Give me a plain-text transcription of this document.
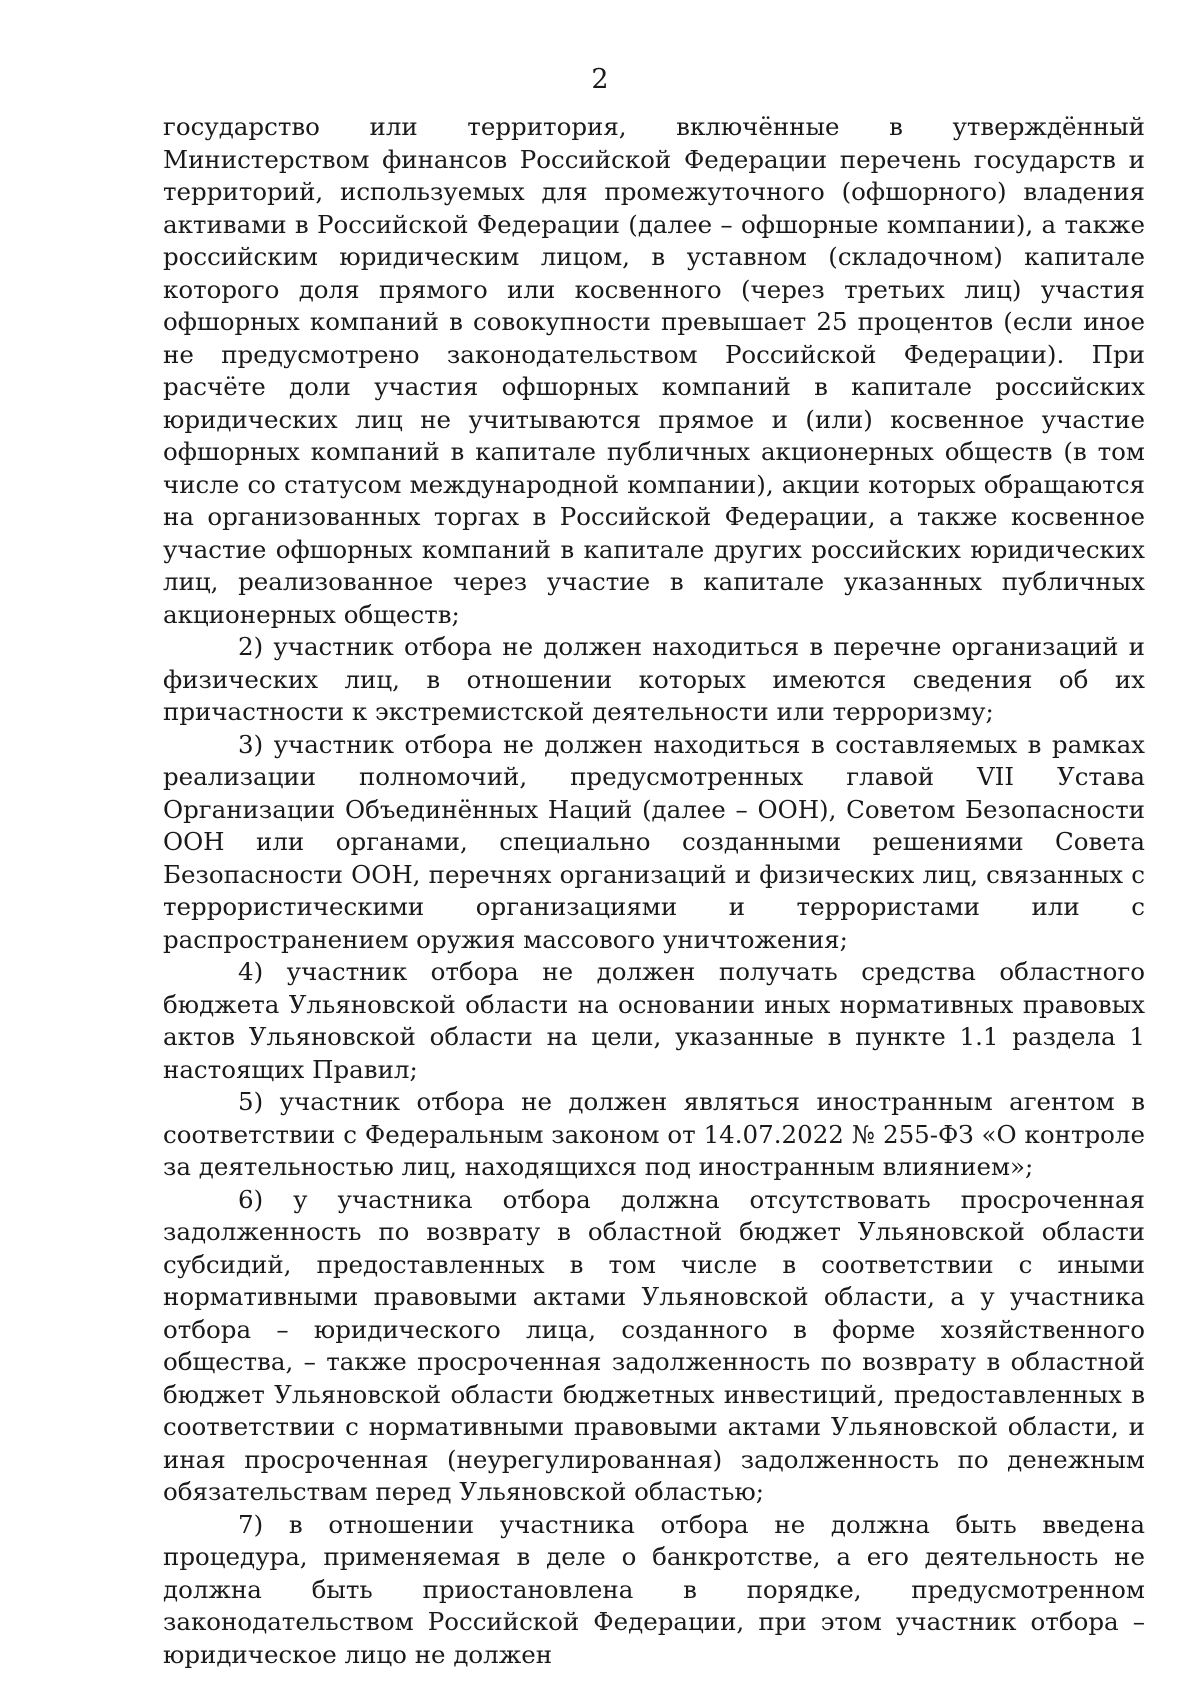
2

государство или территория, включённые в утверждённый Министерством финансов Российской Федерации перечень государств и территорий, используемых для промежуточного (офшорного) владения активами в Российской Федерации (далее – офшорные компании), а также российским юридическим лицом, в уставном (складочном) капитале которого доля прямого или косвенного (через третьих лиц) участия офшорных компаний в совокупности превышает 25 процентов (если иное не предусмотрено законодательством Российской Федерации). При расчёте доли участия офшорных компаний в капитале российских юридических лиц не учитываются прямое и (или) косвенное участие офшорных компаний в капитале публичных акционерных обществ (в том числе со статусом международной компании), акции которых обращаются на организованных торгах в Российской Федерации, а также косвенное участие офшорных компаний в капитале других российских юридических лиц, реализованное через участие в капитале указанных публичных акционерных обществ;

2) участник отбора не должен находиться в перечне организаций и физических лиц, в отношении которых имеются сведения об их причастности к экстремистской деятельности или терроризму;

3) участник отбора не должен находиться в составляемых в рамках реализации полномочий, предусмотренных главой VII Устава Организации Объединённых Наций (далее – ООН), Советом Безопасности ООН или органами, специально созданными решениями Совета Безопасности ООН, перечнях организаций и физических лиц, связанных с террористическими организациями и террористами или с распространением оружия массового уничтожения;

4) участник отбора не должен получать средства областного бюджета Ульяновской области на основании иных нормативных правовых актов Ульяновской области на цели, указанные в пункте 1.1 раздела 1 настоящих Правил;

5) участник отбора не должен являться иностранным агентом в соответствии с Федеральным законом от 14.07.2022 № 255-ФЗ «О контроле за деятельностью лиц, находящихся под иностранным влиянием»;

6) у участника отбора должна отсутствовать просроченная задолженность по возврату в областной бюджет Ульяновской области субсидий, предоставленных в том числе в соответствии с иными нормативными правовыми актами Ульяновской области, а у участника отбора – юридического лица, созданного в форме хозяйственного общества, – также просроченная задолженность по возврату в областной бюджет Ульяновской области бюджетных инвестиций, предоставленных в соответствии с нормативными правовыми актами Ульяновской области, и иная просроченная (неурегулированная) задолженность по денежным обязательствам перед Ульяновской областью;

7) в отношении участника отбора не должна быть введена процедура, применяемая в деле о банкротстве, а его деятельность не должна быть приостановлена в порядке, предусмотренном законодательством Российской Федерации, при этом участник отбора – юридическое лицо не должен
